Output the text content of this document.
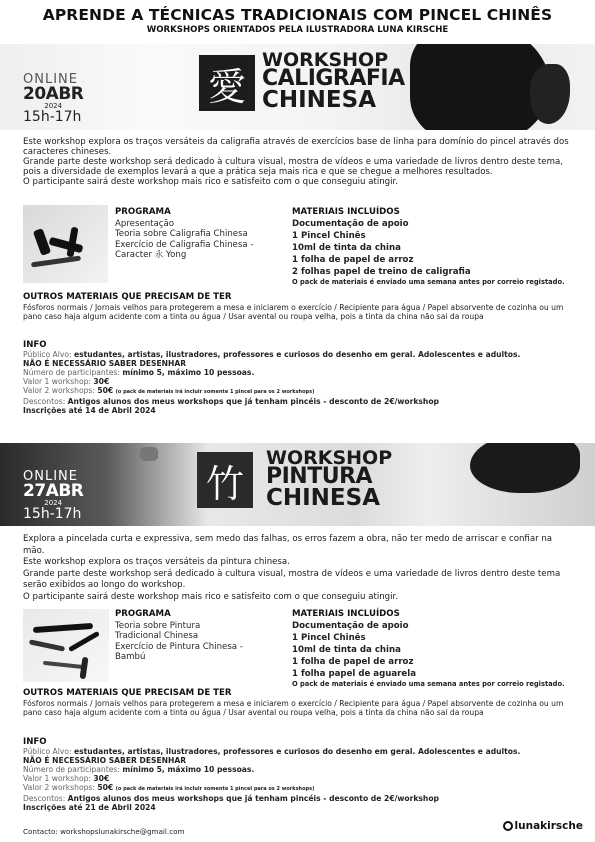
APRENDE A TÉCNICAS TRADICIONAIS COM PINCEL CHINÊS
WORKSHOPS ORIENTADOS PELA ILUSTRADORA LUNA KIRSCHE
ONLINE
20ABR
2024
15h-17h
愛
WORKSHOP
CALIGRAFIA
CHINESA

Este workshop explora os traços versáteis da caligrafia através de exercícios base de linha para domínio do pincel através dos caracteres chineses.

Grande parte deste workshop será dedicado à cultura visual, mostra de vídeos e uma variedade de livros dentro deste tema, pois a diversidade de exemplos levará a que a prática seja mais rica e que se chegue a melhores resultados.

O participante sairá deste workshop mais rico e satisfeito com o que conseguiu atingir.

PROGRAMA
Apresentação
Teoria sobre Caligrafia Chinesa
Exercício de Caligrafia Chinesa - Caracter 永 Yong
MATERIAIS INCLUÍDOS
Documentação de apoio
1 Pincel Chinês
10ml de tinta da china
1 folha de papel de arroz
2 folhas papel de treino de caligrafia
O pack de materiais é enviado uma semana antes por correio registado.
OUTROS MATERIAIS QUE PRECISAM DE TER
Fósforos normais / Jornais velhos para protegerem a mesa e iniciarem o exercício / Recipiente para água / Papel absorvente de cozinha ou um pano caso haja algum acidente com a tinta ou água / Usar avental ou roupa velha, pois a tinta da china não sai da roupa
INFO
Público Alvo: estudantes, artistas, ilustradores, professores e curiosos do desenho em geral. Adolescentes e adultos.
NÃO É NECESSÁRIO SABER DESENHAR
Número de participantes: mínimo 5, máximo 10 pessoas.
Valor 1 workshop: 30€
Valor 2 workshops: 50€ (o pack de materiais irá incluir somente 1 pincel para os 2 workshops)
Descontos: Antigos alunos dos meus workshops que já tenham pincéis - desconto de 2€/workshop
Inscrições até 14 de Abril 2024
ONLINE
27ABR
2024
15h-17h
竹
WORKSHOP
PINTURA
CHINESA

Explora a pincelada curta e expressiva, sem medo das falhas, os erros fazem a obra, não ter medo de arriscar e confiar na mão.

Este workshop explora os traços versáteis da pintura chinesa.

Grande parte deste workshop será dedicado à cultura visual, mostra de vídeos e uma variedade de livros dentro deste tema serão exibidos ao longo do workshop.

O participante sairá deste workshop mais rico e satisfeito com o que conseguiu atingir.

PROGRAMA
Teoria sobre Pintura Tradicional Chinesa
Exercício de Pintura Chinesa - Bambú
MATERIAIS INCLUÍDOS
Documentação de apoio
1 Pincel Chinês
10ml de tinta da china
1 folha de papel de arroz
1 folha papel de aguarela
O pack de materiais é enviado uma semana antes por correio registado.
OUTROS MATERIAIS QUE PRECISAM DE TER
Fósforos normais / Jornais velhos para protegerem a mesa e iniciarem o exercício / Recipiente para água / Papel absorvente de cozinha ou um pano caso haja algum acidente com a tinta ou água / Usar avental ou roupa velha, pois a tinta da china não sai da roupa
INFO
Público Alvo: estudantes, artistas, ilustradores, professores e curiosos do desenho em geral. Adolescentes e adultos.
NÃO É NECESSÁRIO SABER DESENHAR
Número de participantes: mínimo 5, máximo 10 pessoas.
Valor 1 workshop: 30€
Valor 2 workshops: 50€ (o pack de materiais irá incluir somente 1 pincel para os 2 workshops)
Descontos: Antigos alunos dos meus workshops que já tenham pincéis - desconto de 2€/workshop
Inscrições até 21 de Abril 2024
Contacto: workshopslunakirsche@gmail.com	lunakirsche
